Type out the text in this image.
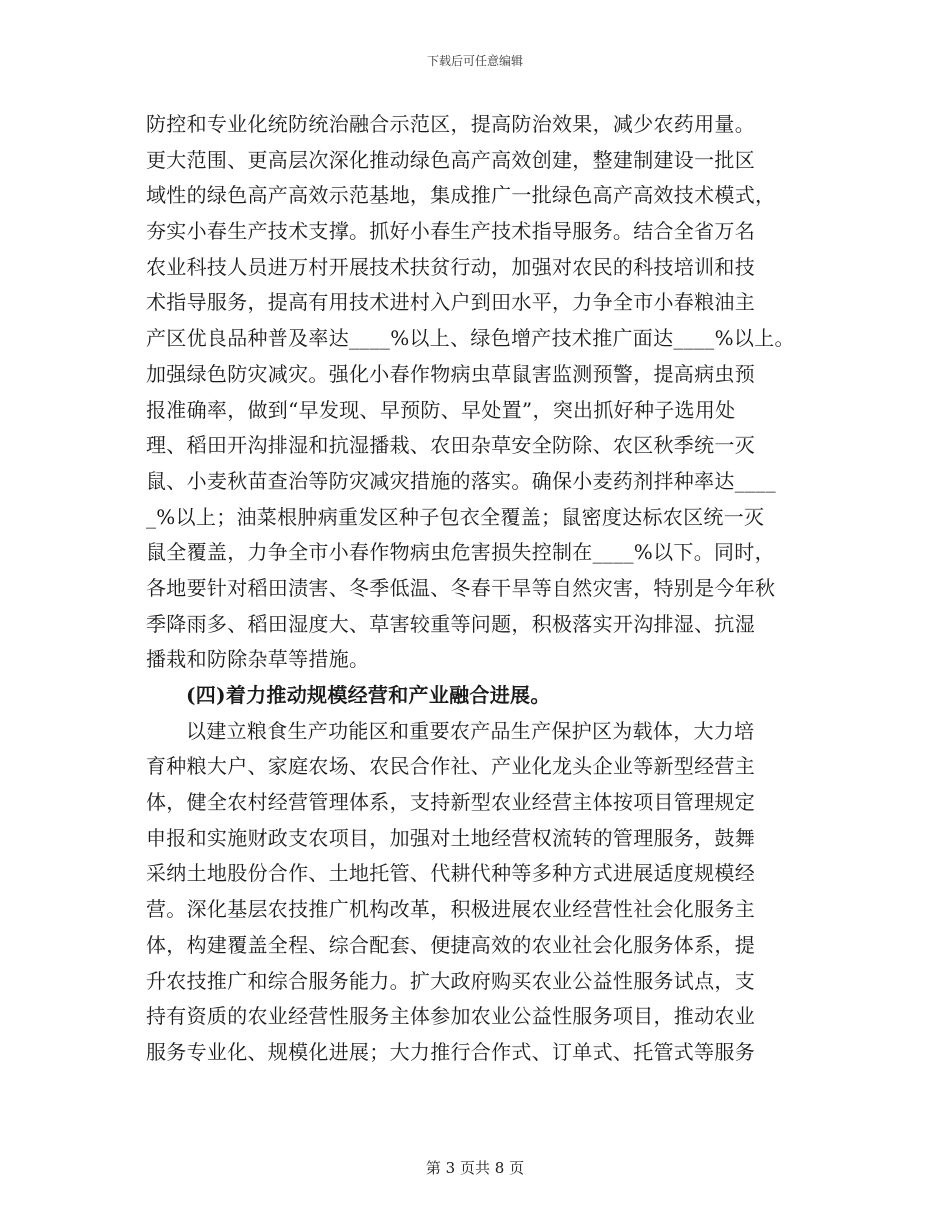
下载后可任意编辑
防控和专业化统防统治融合示范区，提高防治效果，减少农药用量。
更大范围、更高层次深化推动绿色高产高效创建，整建制建设一批区
域性的绿色高产高效示范基地，集成推广一批绿色高产高效技术模式，
夯实小春生产技术支撑。抓好小春生产技术指导服务。结合全省万名
农业科技人员进万村开展技术扶贫行动，加强对农民的科技培训和技
术指导服务，提高有用技术进村入户到田水平，力争全市小春粮油主
产区优良品种普及率达____%以上、绿色增产技术推广面达____%以上。
加强绿色防灾减灾。强化小春作物病虫草鼠害监测预警，提高病虫预
报准确率，做到“早发现、早预防、早处置”，突出抓好种子选用处
理、稻田开沟排湿和抗湿播栽、农田杂草安全防除、农区秋季统一灭
鼠、小麦秋苗查治等防灾减灾措施的落实。确保小麦药剂拌种率达____
_%以上；油菜根肿病重发区种子包衣全覆盖；鼠密度达标农区统一灭
鼠全覆盖，力争全市小春作物病虫危害损失控制在____%以下。同时，
各地要针对稻田渍害、冬季低温、冬春干旱等自然灾害，特别是今年秋
季降雨多、稻田湿度大、草害较重等问题，积极落实开沟排湿、抗湿
播栽和防除杂草等措施。
(四)着力推动规模经营和产业融合进展。
以建立粮食生产功能区和重要农产品生产保护区为载体，大力培
育种粮大户、家庭农场、农民合作社、产业化龙头企业等新型经营主
体，健全农村经营管理体系，支持新型农业经营主体按项目管理规定
申报和实施财政支农项目，加强对土地经营权流转的管理服务，鼓舞
采纳土地股份合作、土地托管、代耕代种等多种方式进展适度规模经
营。深化基层农技推广机构改革，积极进展农业经营性社会化服务主
体，构建覆盖全程、综合配套、便捷高效的农业社会化服务体系，提
升农技推广和综合服务能力。扩大政府购买农业公益性服务试点，支
持有资质的农业经营性服务主体参加农业公益性服务项目，推动农业
服务专业化、规模化进展；大力推行合作式、订单式、托管式等服务
第 3 页共 8 页
